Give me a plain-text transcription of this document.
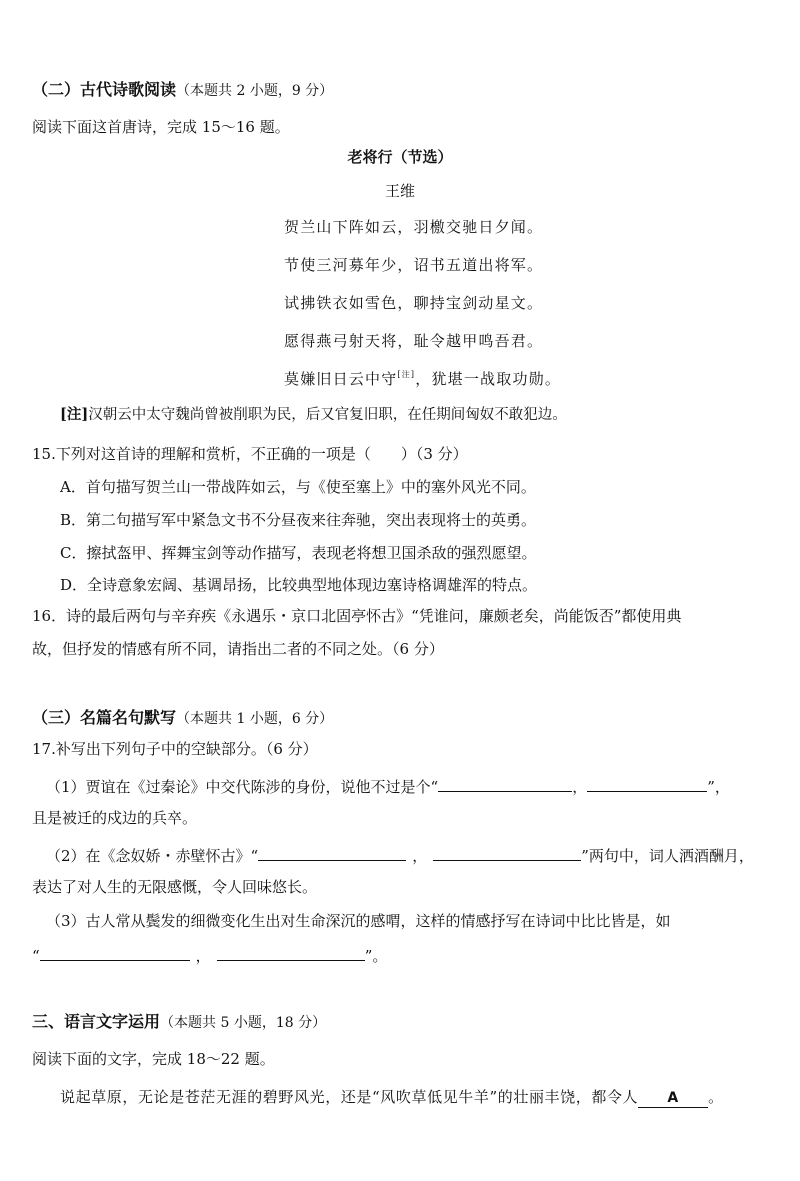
（二）古代诗歌阅读（本题共 2 小题，9 分）
阅读下面这首唐诗，完成 15～16 题。
老将行（节选）
王维
贺兰山下阵如云，羽檄交驰日夕闻。
节使三河募年少，诏书五道出将军。
试拂铁衣如雪色，聊持宝剑动星文。
愿得燕弓射天将，耻令越甲鸣吾君。
莫嫌旧日云中守[注]，犹堪一战取功勋。
[注]汉朝云中太守魏尚曾被削职为民，后又官复旧职，在任期间匈奴不敢犯边。
15.下列对这首诗的理解和赏析，不正确的一项是（　　）（3 分）
A．首句描写贺兰山一带战阵如云，与《使至塞上》中的塞外风光不同。
B．第二句描写军中紧急文书不分昼夜来往奔驰，突出表现将士的英勇。
C．擦拭盔甲、挥舞宝剑等动作描写，表现老将想卫国杀敌的强烈愿望。
D．全诗意象宏阔、基调昂扬，比较典型地体现边塞诗格调雄浑的特点。
16．诗的最后两句与辛弃疾《永遇乐・京口北固亭怀古》“凭谁问，廉颇老矣，尚能饭否”都使用典
故，但抒发的情感有所不同，请指出二者的不同之处。（6 分）
（三）名篇名句默写（本题共 1 小题，6 分）
17.补写出下列句子中的空缺部分。（6 分）
（1）贾谊在《过秦论》中交代陈涉的身份，说他不过是个“	，	”，
且是被迁的戍边的兵卒。
（2）在《念奴娇・赤壁怀古》“	，	”两句中，词人洒酒酬月，
表达了对人生的无限感慨，令人回味悠长。
（3）古人常从鬓发的细微变化生出对生命深沉的感喟，这样的情感抒写在诗词中比比皆是，如
“	，	”。
三、语言文字运用（本题共 5 小题，18 分）
阅读下面的文字，完成 18～22 题。
说起草原，无论是苍茫无涯的碧野风光，还是“风吹草低见牛羊”的壮丽丰饶，都令人 A 。
